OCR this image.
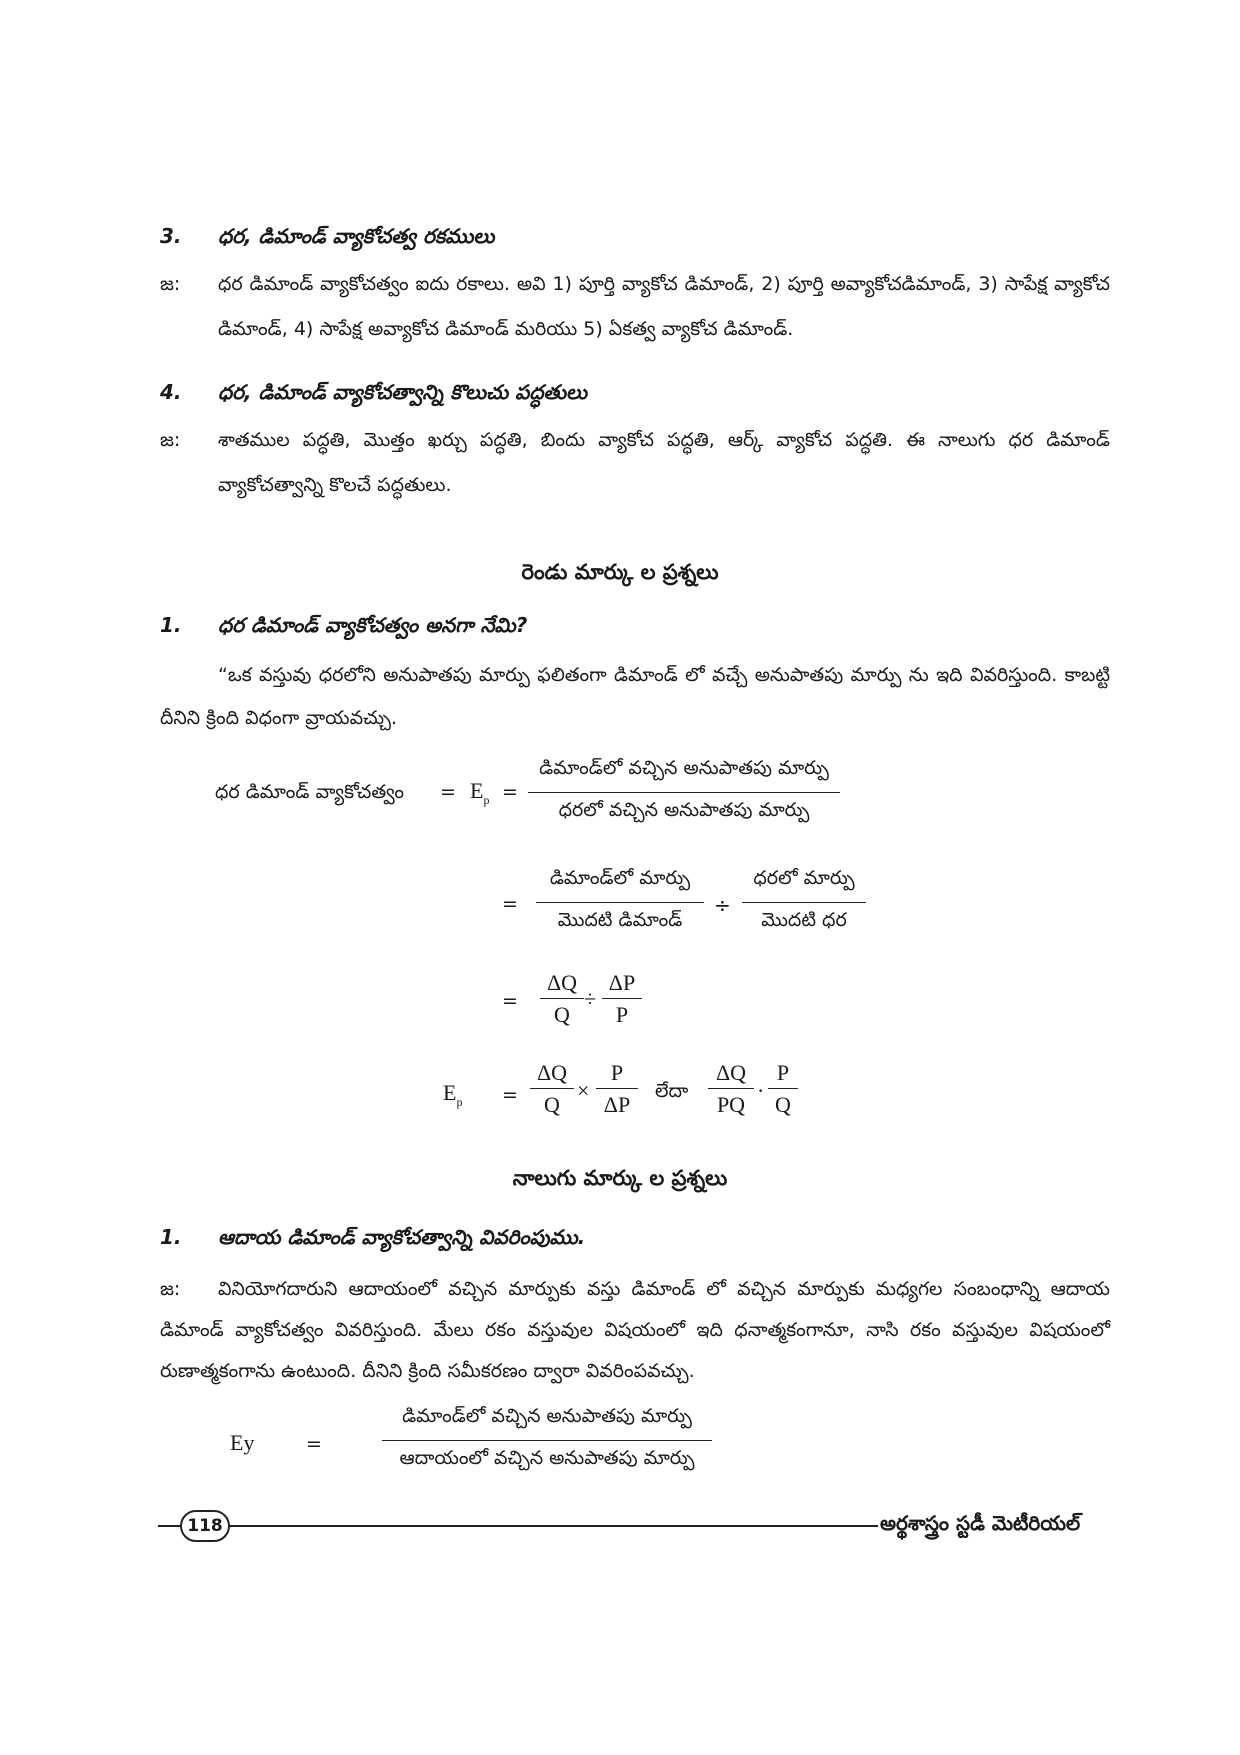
3. ధర, డిమాండ్ వ్యాకోచత్వ రకములు
జ: ధర డిమాండ్ వ్యాకోచత్వం ఐదు రకాలు. అవి 1) పూర్తి వ్యాకోచ డిమాండ్, 2) పూర్తి అవ్యాకోచడిమాండ్, 3) సాపేక్ష వ్యాకోచ డిమాండ్, 4) సాపేక్ష అవ్యాకోచ డిమాండ్ మరియు 5) ఏకత్వ వ్యాకోచ డిమాండ్.
4. ధర, డిమాండ్ వ్యాకోచత్వాన్ని కొలుచు పద్ధతులు
జ: శాతముల పద్ధతి, మొత్తం ఖర్చు పద్ధతి, బిందు వ్యాకోచ పద్ధతి, ఆర్క్ వ్యాకోచ పద్ధతి. ఈ నాలుగు ధర డిమాండ్ వ్యాకోచత్వాన్ని కొలచే పద్ధతులు.
రెండు మార్కు ల ప్రశ్నలు
1. ధర డిమాండ్ వ్యాకోచత్వం అనగా నేమి?
“ఒక వస్తువు ధరలోని అనుపాతపు మార్పు ఫలితంగా డిమాండ్ లో వచ్చే అనుపాతపు మార్పు ను ఇది వివరిస్తుంది. కాబట్టి దీనిని క్రింది విధంగా వ్రాయవచ్చు.
ధర డిమాండ్ వ్యాకోచత్వం = $E_p$ =
డిమాండ్‌లో వచ్చిన అనుపాతపు మార్పు
ధరలో వచ్చిన అనుపాతపు మార్పు
=
డిమాండ్‌లో మార్పు
మొదటి డిమాండ్
÷
ధరలో మార్పు
మొదటి ధర
=
ΔQ
Q
÷
ΔP
P
$E_p$ =
ΔQ
Q
×
P
ΔP
లేదా
ΔQ
PQ
·
P
Q
నాలుగు మార్కు ల ప్రశ్నలు
1. ఆదాయ డిమాండ్ వ్యాకోచత్వాన్ని వివరింపుము.
జ:	వినియోగదారుని ఆదాయంలో వచ్చిన మార్పుకు వస్తు డిమాండ్ లో వచ్చిన మార్పుకు మధ్యగల సంబంధాన్ని ఆదాయ డిమాండ్ వ్యాకోచత్వం వివరిస్తుంది. మేలు రకం వస్తువుల విషయంలో ఇది ధనాత్మకంగానూ, నాసి రకం వస్తువుల విషయంలో రుణాత్మకంగాను ఉంటుంది. దీనిని క్రింది సమీకరణం ద్వారా వివరింపవచ్చు.
Ey	=
డిమాండ్‌లో వచ్చిన అనుపాతపు మార్పు
ఆదాయంలో వచ్చిన అనుపాతపు మార్పు
118	అర్థశాస్త్రం స్టడీ మెటీరియల్
